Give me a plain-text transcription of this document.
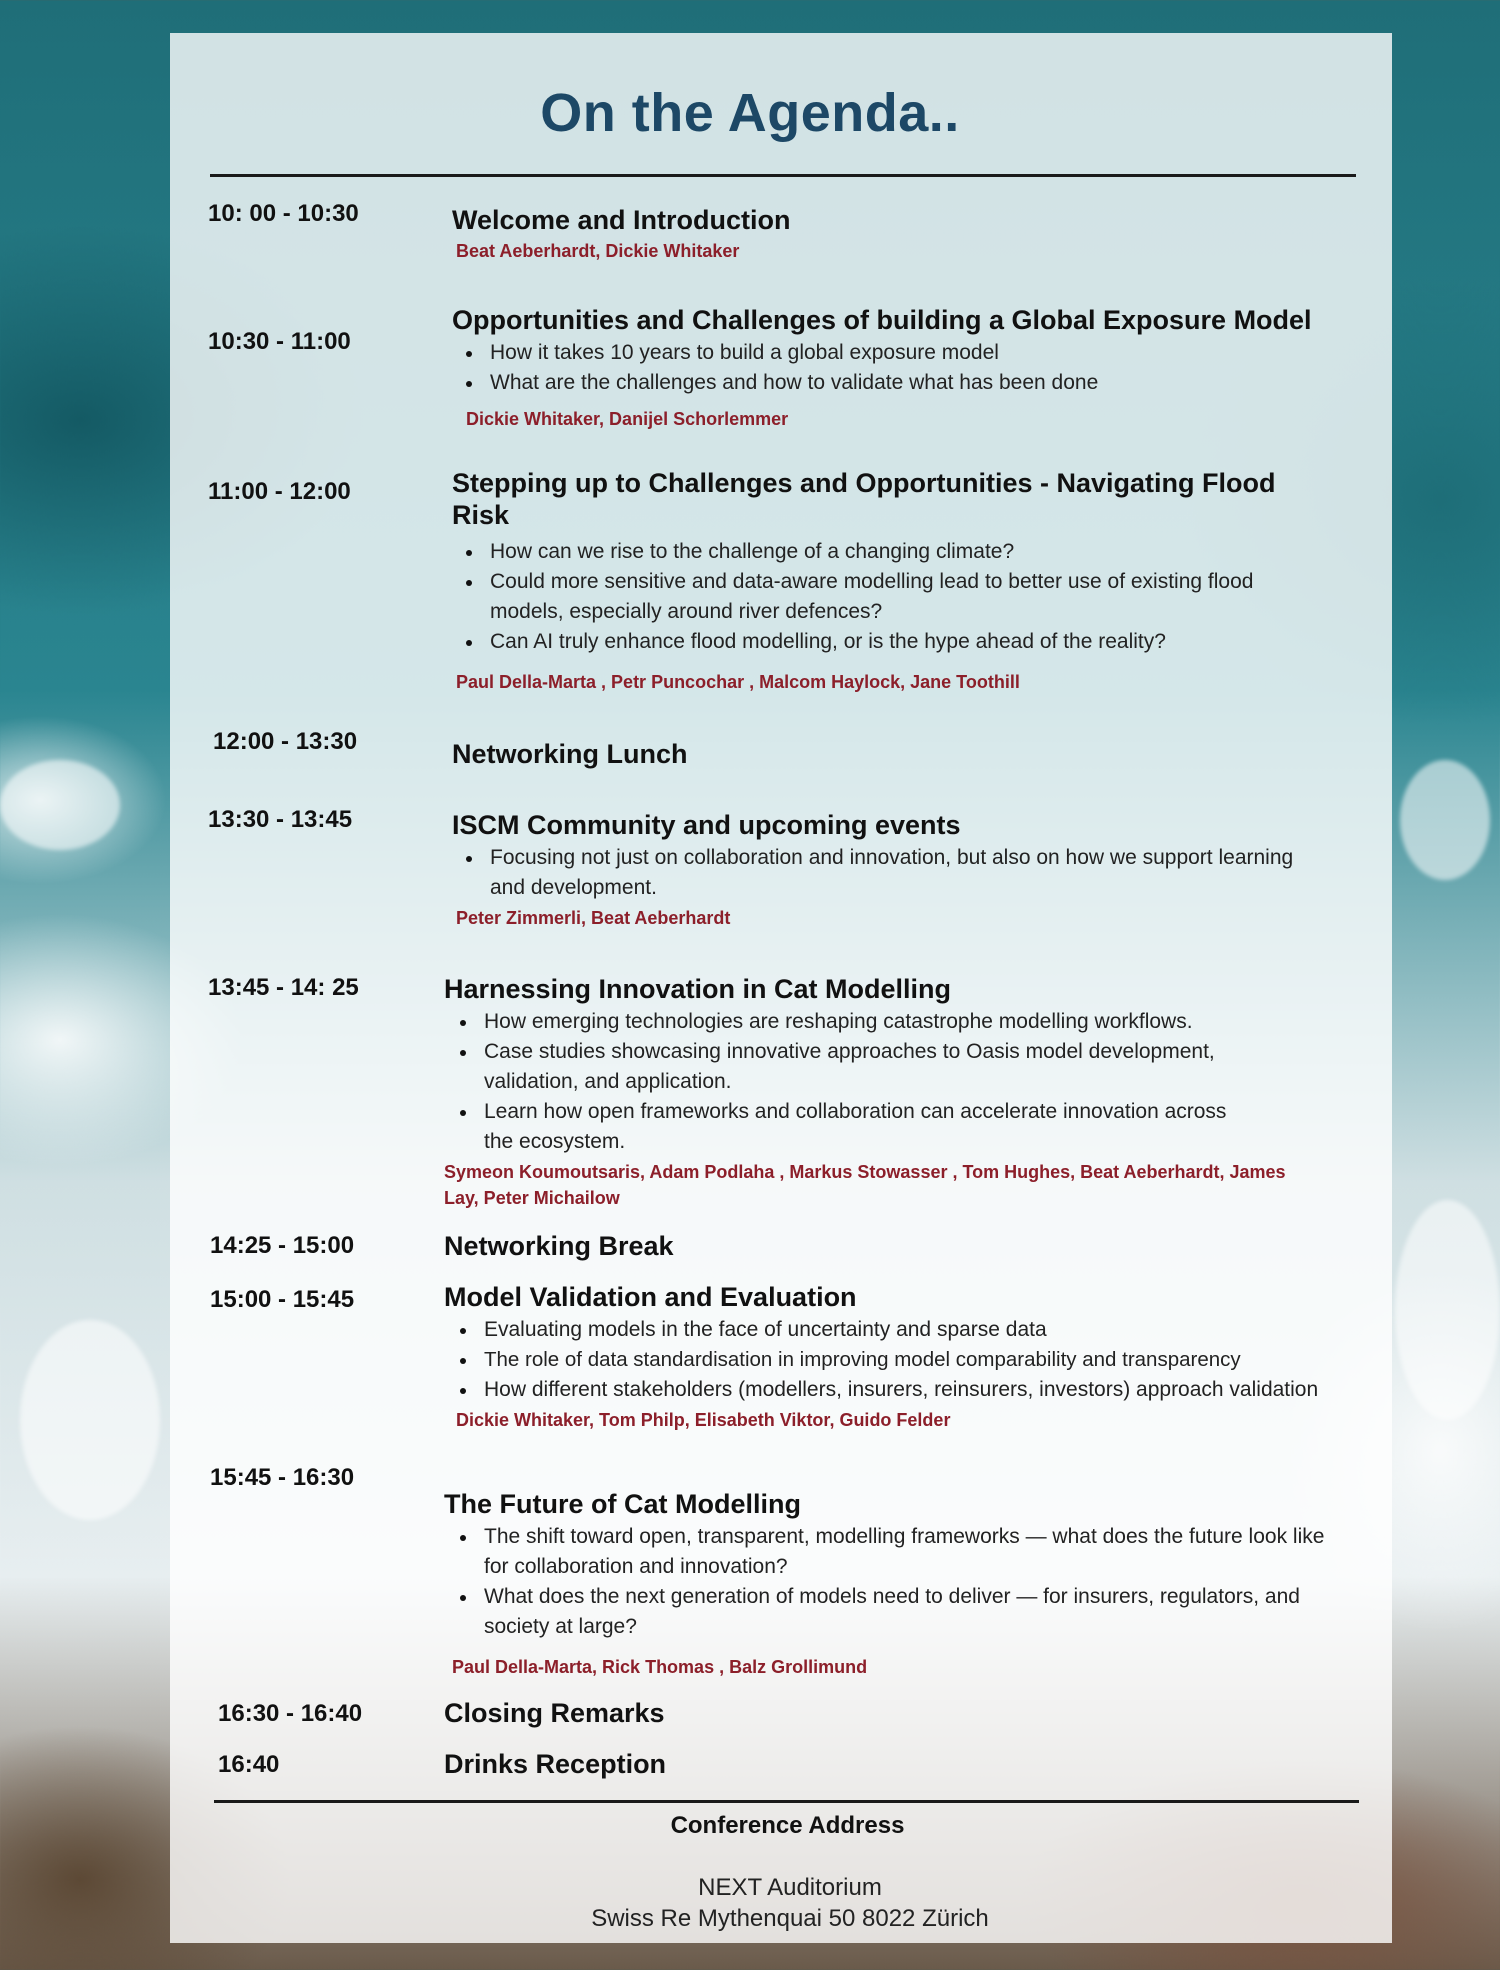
On the Agenda..
10: 00 - 10:30	Welcome and Introduction
Beat Aeberhardt, Dickie Whitaker
10:30 - 11:00
Opportunities and Challenges of building a Global Exposure Model
How it takes 10 years to build a global exposure model
What are the challenges and how to validate what has been done
Dickie Whitaker, Danijel Schorlemmer
11:00 - 12:00	Stepping up to Challenges and Opportunities - Navigating Flood Risk
How can we rise to the challenge of a changing climate?
Could more sensitive and data-aware modelling lead to better use of existing flood models, especially around river defences?
Can AI truly enhance flood modelling, or is the hype ahead of the reality?
Paul Della-Marta , Petr Puncochar , Malcom Haylock, Jane Toothill
12:00 - 13:30	Networking Lunch
13:30 - 13:45	ISCM Community and upcoming events
Focusing not just on collaboration and innovation, but also on how we support learning and development.
Peter Zimmerli, Beat Aeberhardt
13:45 - 14: 25	Harnessing Innovation in Cat Modelling
How emerging technologies are reshaping catastrophe modelling workflows.
Case studies showcasing innovative approaches to Oasis model development, validation, and application.
Learn how open frameworks and collaboration can accelerate innovation across the ecosystem.
Symeon Koumoutsaris, Adam Podlaha , Markus Stowasser , Tom Hughes, Beat Aeberhardt, James Lay, Peter Michailow
14:25 - 15:00	Networking Break
15:00 - 15:45	Model Validation and Evaluation
Evaluating models in the face of uncertainty and sparse data
The role of data standardisation in improving model comparability and transparency
How different stakeholders (modellers, insurers, reinsurers, investors) approach validation
Dickie Whitaker, Tom Philp, Elisabeth Viktor, Guido Felder
15:45 - 16:30
The Future of Cat Modelling
The shift toward open, transparent, modelling frameworks — what does the future look like for collaboration and innovation?
What does the next generation of models need to deliver — for insurers, regulators, and society at large?
Paul Della-Marta, Rick Thomas , Balz Grollimund
16:30 - 16:40	Closing Remarks
16:40	Drinks Reception
Conference Address
NEXT Auditorium
Swiss Re Mythenquai 50 8022 Zürich
